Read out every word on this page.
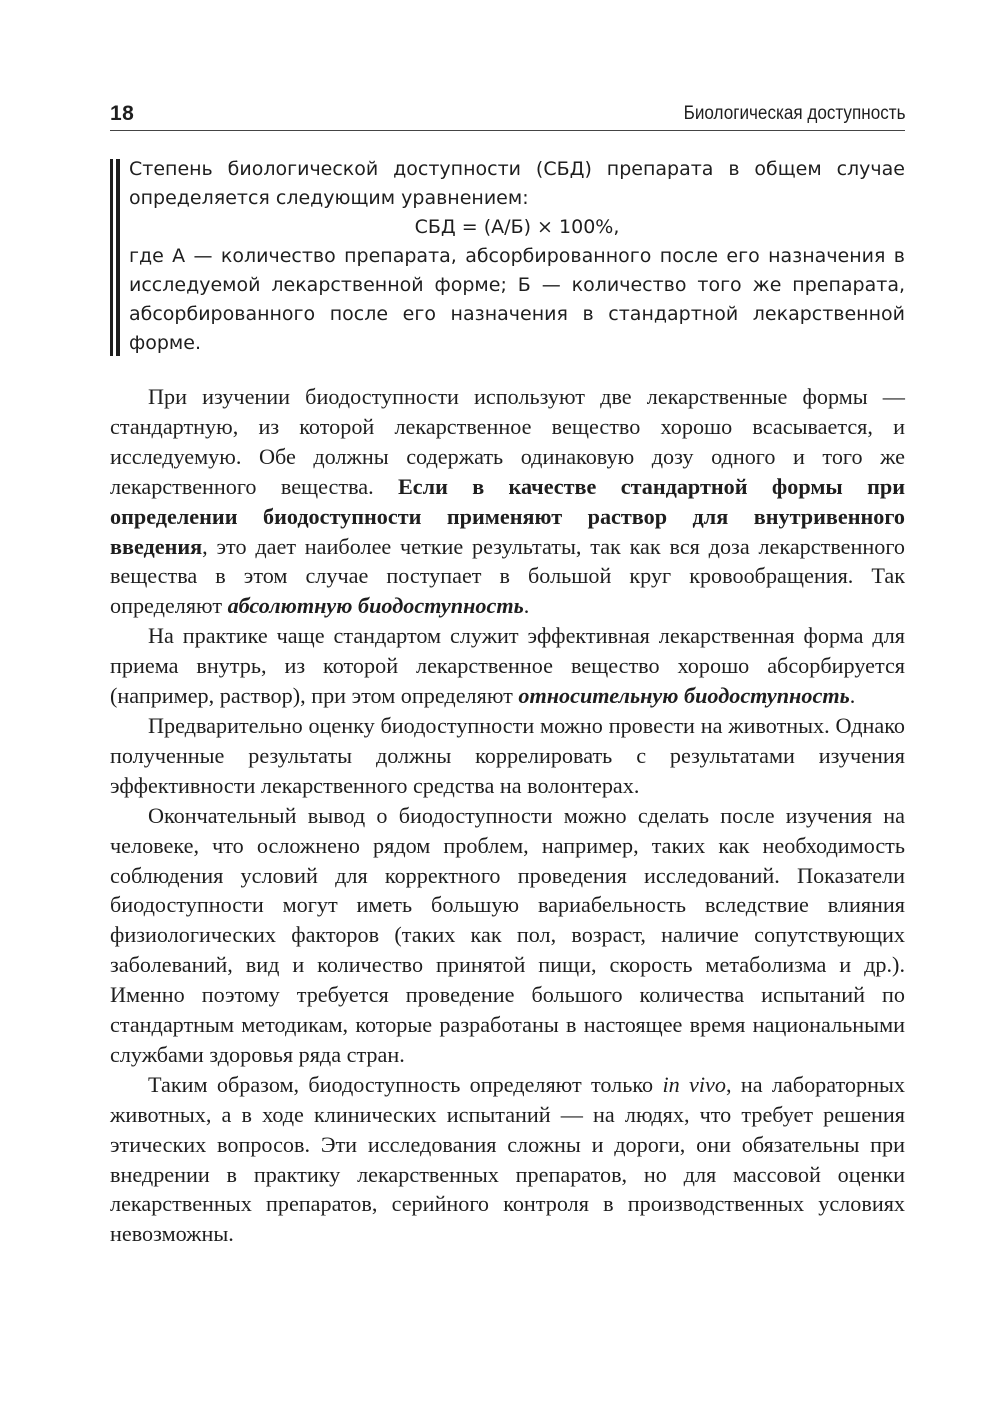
18	Биологическая доступность

Степень биологической доступности (СБД) препарата в общем случае определяется следующим уравнением:

СБД = (А/Б) × 100%,

где А — количество препарата, абсорбированного после его назначения в исследуемой лекарственной форме; Б — количество того же препарата, абсорбированного после его назначения в стандартной лекарственной форме.

При изучении биодоступности используют две лекарственные формы — стандартную, из которой лекарственное вещество хорошо всасывается, и исследуемую. Обе должны содержать одинаковую дозу одного и того же лекарственного вещества. Если в качестве стандартной формы при определении биодоступности применяют раствор для внутривенного введения, это дает наиболее четкие результаты, так как вся доза лекарственного вещества в этом случае поступает в большой круг кровообращения. Так определяют абсолютную биодоступность.

На практике чаще стандартом служит эффективная лекарственная форма для приема внутрь, из которой лекарственное вещество хорошо абсорбируется (например, раствор), при этом определяют относительную биодоступность.

Предварительно оценку биодоступности можно провести на животных. Однако полученные результаты должны коррелировать с результатами изучения эффективности лекарственного средства на волонтерах.

Окончательный вывод о биодоступности можно сделать после изучения на человеке, что осложнено рядом проблем, например, таких как необходимость соблюдения условий для корректного проведения исследований. Показатели биодоступности могут иметь большую вариабельность вследствие влияния физиологических факторов (таких как пол, возраст, наличие сопутствующих заболеваний, вид и количество принятой пищи, скорость метаболизма и др.). Именно поэтому требуется проведение большого количества испытаний по стандартным методикам, которые разработаны в настоящее время национальными службами здоровья ряда стран.

Таким образом, биодоступность определяют только in vivo, на лабораторных животных, а в ходе клинических испытаний — на людях, что требует решения этических вопросов. Эти исследования сложны и дороги, они обязательны при внедрении в практику лекарственных препаратов, но для массовой оценки лекарственных препаратов, серийного контроля в производственных условиях невозможны.
